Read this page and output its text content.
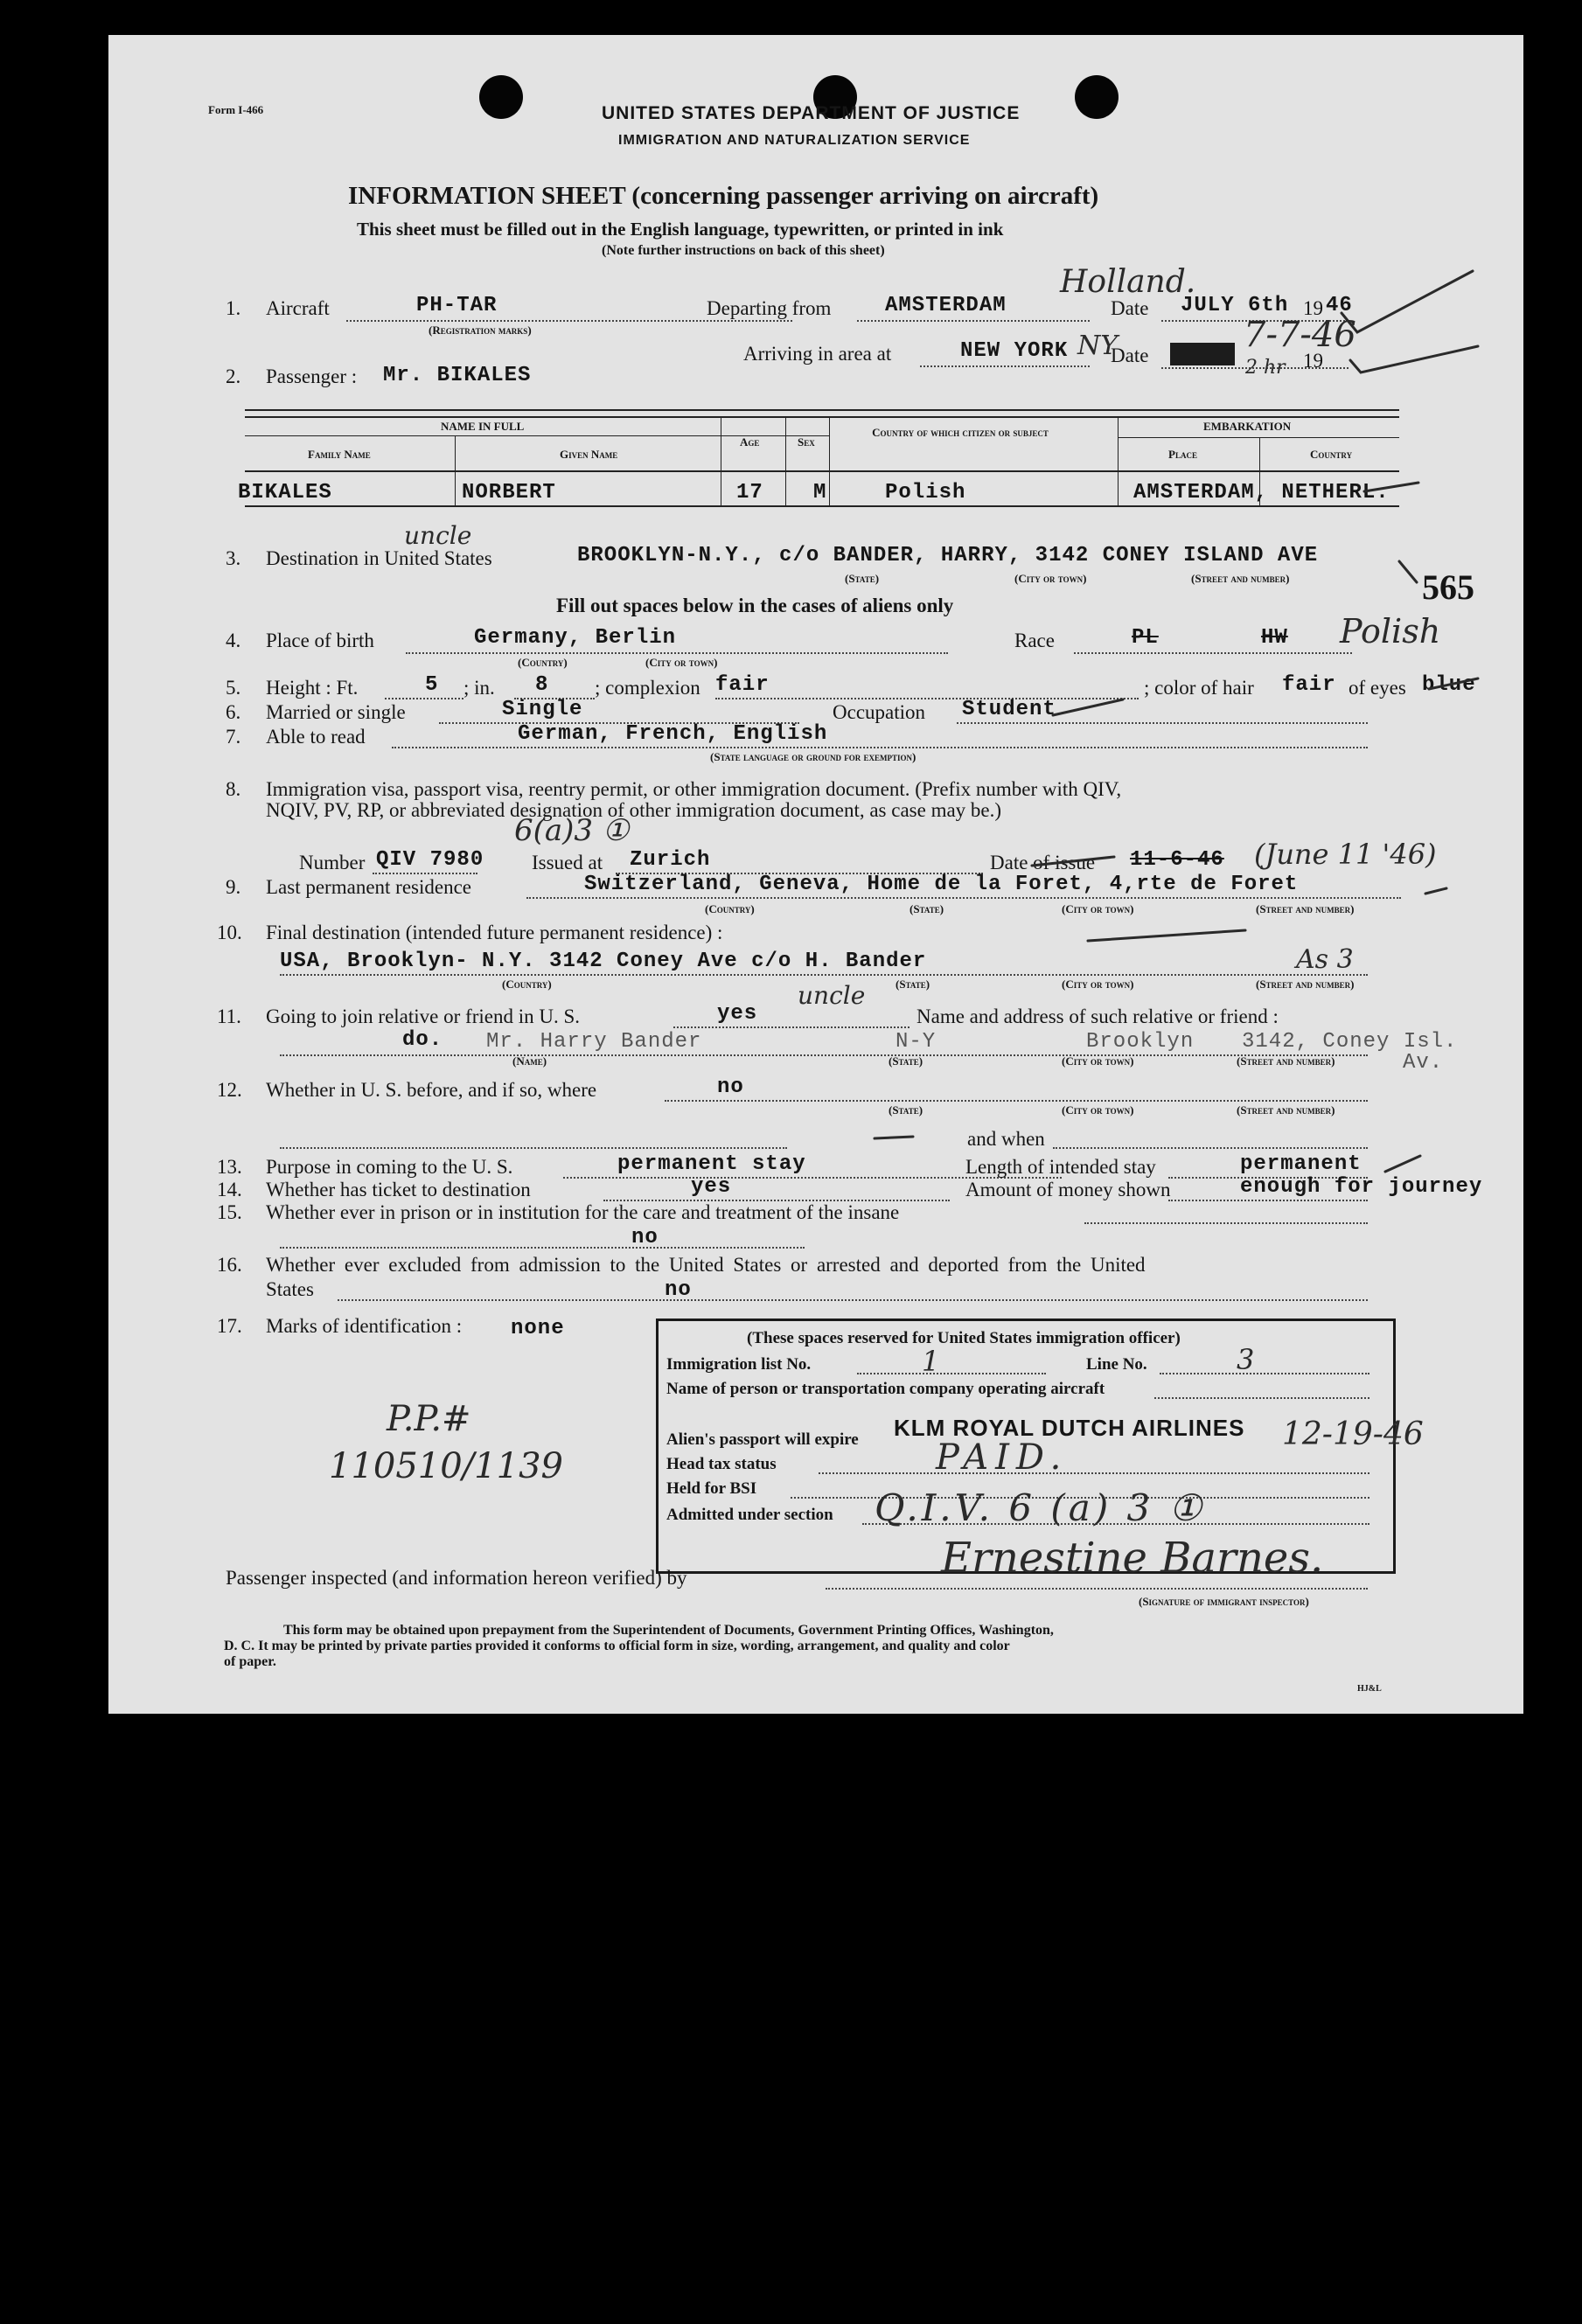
Form I-466	UNITED STATES DEPARTMENT OF JUSTICE
IMMIGRATION AND NATURALIZATION SERVICE
INFORMATION SHEET (concerning passenger arriving on aircraft)
This sheet must be filled out in the English language, typewritten, or printed in ink
(Note further instructions on back of this sheet)
1. Aircraft	PH-TAR
(Registration marks)
Departing from	AMSTERDAM
Holland.
Date JULY 6th 19 46
Arriving in area at	NEW YORK NY
Date
2 hr 19
7-7-46
2. Passenger : Mr. BIKALES
NAME IN FULL
Family Name	Given Name
Age	Sex
Country of which citizen or subject	EMBARKATION
Place	Country
BIKALES	NORBERT	17 M	Polish	AMSTERDAM, NETHERL.
3. Destination in United States
uncle
BROOKLYN-N.Y., c/o BANDER, HARRY, 3142 CONEY ISLAND AVE
(State)	(City or town)	(Street and number)	565
Fill out spaces below in the cases of aliens only
4. Place of birth	Germany, Berlin
(Country)	(City or town)
Race	PL	HW Polish
5. Height : Ft.	5 ; in. 8 ; complexion fair	; color of hair fair of eyes blue
6. Married or single	Single	Occupation Student
7. Able to read	German, French, English
(State language or ground for exemption)
8. Immigration visa, passport visa, reentry permit, or other immigration document. (Prefix number with QIV,
NQIV, PV, RP, or abbreviated designation of other immigration document, as case may be.)
6(a)3 ①
Number QIV 7980 Issued at Zurich	Date of issue 11-6-46 (June 11 '46)
9. Last permanent residence	Switzerland, Geneva, Home de la Foret, 4,rte de Foret
(Country)	(State)	(City or town)	(Street and number)
10. Final destination (intended future permanent residence) :
USA, Brooklyn- N.Y. 3142 Coney Ave c/o H. Bander	As 3
(Country)	(State)	(City or town)	(Street and number)
11. Going to join relative or friend in U. S.	yes
uncle
Name and address of such relative or friend :
do. Mr. Harry Bander	N-Y	Brooklyn 3142, Coney Isl.
Av.
(Name)	(State)	(City or town)	(Street and number)
12. Whether in U. S. before, and if so, where	no
(State)	(City or town)	(Street and number)
and when
13. Purpose in coming to the U. S.	permanent stay	Length of intended stay	permanent
14. Whether has ticket to destination	yes	Amount of money shown	enough for journey
15. Whether ever in prison or in institution for the care and treatment of the insane
no
16. Whether ever excluded from admission to the United States or arrested and deported from the United
States	no
17. Marks of identification : none
P.P.#
110510/1139
(These spaces reserved for United States immigration officer)
Immigration list No.	1	Line No.	3
Name of person or transportation company operating aircraft
KLM ROYAL DUTCH AIRLINES
Alien's passport will expire	12-19-46
Head tax status	PAID.
Held for BSI
Admitted under section Q.I.V. 6 (a) 3 ①
Passenger inspected (and information hereon verified) by	Ernestine Barnes.
(Signature of immigrant inspector)
This form may be obtained upon prepayment from the Superintendent of Documents, Government Printing Offices, Washington,
D. C. It may be printed by private parties provided it conforms to official form in size, wording, arrangement, and quality and color
of paper.
HJ&L
